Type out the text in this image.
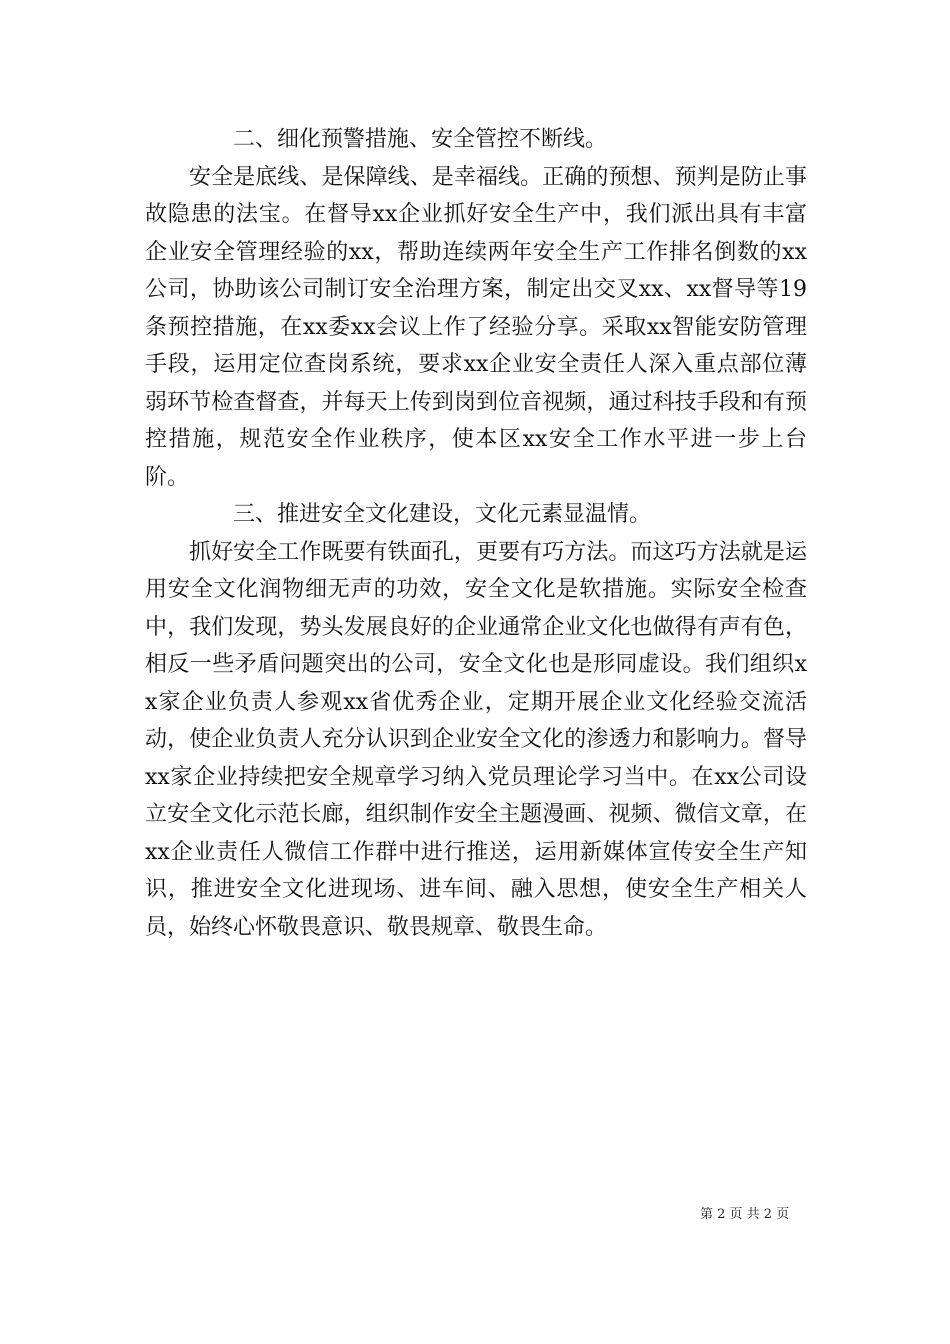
二、细化预警措施、安全管控不断线。

安全是底线、是保障线、是幸福线。正确的预想、预判是防止事故隐患的法宝。在督导xx企业抓好安全生产中，我们派出具有丰富企业安全管理经验的xx，帮助连续两年安全生产工作排名倒数的xx公司，协助该公司制订安全治理方案，制定出交叉xx、xx督导等19条预控措施，在xx委xx会议上作了经验分享。采取xx智能安防管理手段，运用定位查岗系统，要求xx企业安全责任人深入重点部位薄弱环节检查督查，并每天上传到岗到位音视频，通过科技手段和有预控措施，规范安全作业秩序，使本区xx安全工作水平进一步上台阶。

三、推进安全文化建设，文化元素显温情。

抓好安全工作既要有铁面孔，更要有巧方法。而这巧方法就是运用安全文化润物细无声的功效，安全文化是软措施。实际安全检查中，我们发现，势头发展良好的企业通常企业文化也做得有声有色，相反一些矛盾问题突出的公司，安全文化也是形同虚设。我们组织xx家企业负责人参观xx省优秀企业，定期开展企业文化经验交流活动，使企业负责人充分认识到企业安全文化的渗透力和影响力。督导xx家企业持续把安全规章学习纳入党员理论学习当中。在xx公司设立安全文化示范长廊，组织制作安全主题漫画、视频、微信文章，在xx企业责任人微信工作群中进行推送，运用新媒体宣传安全生产知识，推进安全文化进现场、进车间、融入思想，使安全生产相关人员，始终心怀敬畏意识、敬畏规章、敬畏生命。

第 2 页 共 2 页
